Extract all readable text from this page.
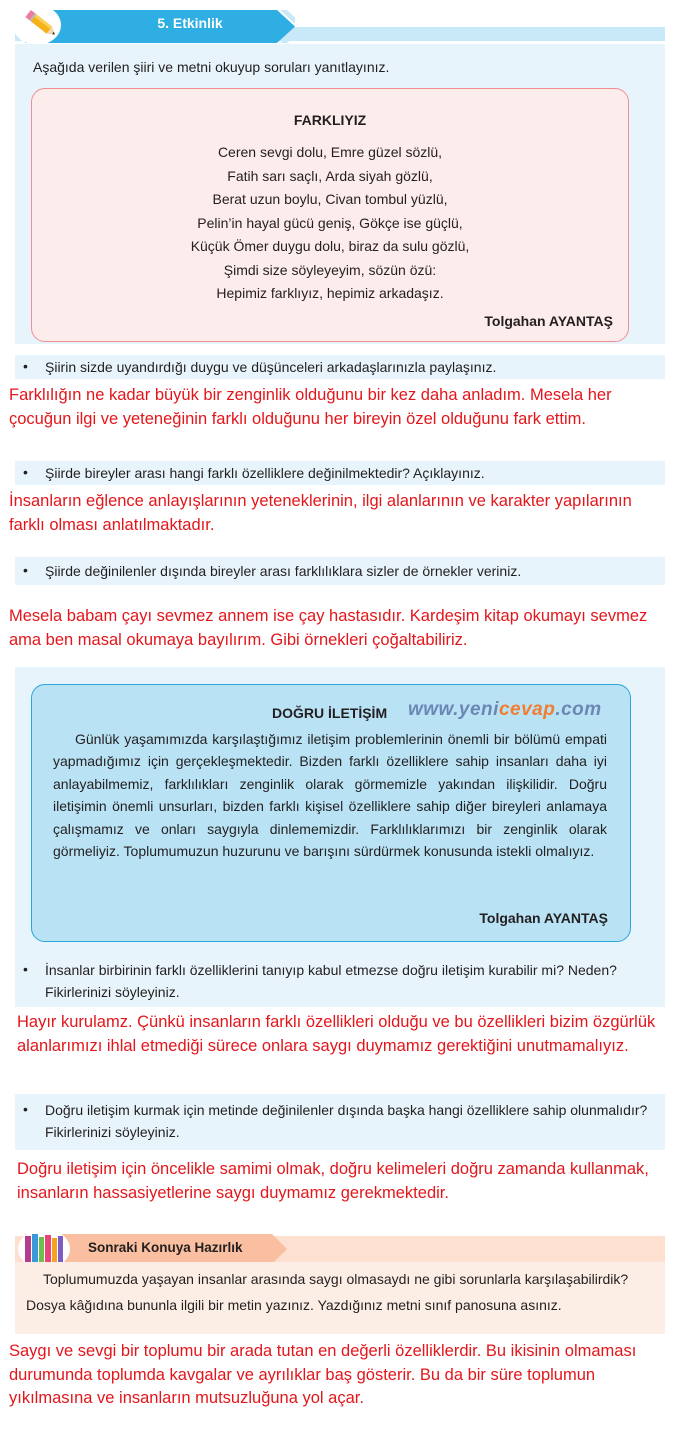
5. Etkinlik
Aşağıda verilen şiiri ve metni okuyup soruları yanıtlayınız.
FARKLIYIZ
Ceren sevgi dolu, Emre güzel sözlü,
Fatih sarı saçlı, Arda siyah gözlü,
Berat uzun boylu, Civan tombul yüzlü,
Pelin’in hayal gücü geniş, Gökçe ise güçlü,
Küçük Ömer duygu dolu, biraz da sulu gözlü,
Şimdi size söyleyeyim, sözün özü:
Hepimiz farklıyız, hepimiz arkadaşız.
Tolgahan AYANTAŞ
• Şiirin sizde uyandırdığı duygu ve düşünceleri arkadaşlarınızla paylaşınız.
Farklılığın ne kadar büyük bir zenginlik olduğunu bir kez daha anladım. Mesela her çocuğun ilgi ve yeteneğinin farklı olduğunu her bireyin özel olduğunu fark ettim.
• Şiirde bireyler arası hangi farklı özelliklere değinilmektedir? Açıklayınız.
İnsanların eğlence anlayışlarının yeteneklerinin, ilgi alanlarının ve karakter yapılarının farklı olması anlatılmaktadır.
• Şiirde değinilenler dışında bireyler arası farklılıklara sizler de örnekler veriniz.
Mesela babam çayı sevmez annem ise çay hastasıdır. Kardeşim kitap okumayı sevmez ama ben masal okumaya bayılırım. Gibi örnekleri çoğaltabiliriz.
DOĞRU İLETİŞİM www.yenicevap.com
Günlük yaşamımızda karşılaştığımız iletişim problemlerinin önemli bir bölümü empati yapmadığımız için gerçekleşmektedir. Bizden farklı özelliklere sahip insanları daha iyi anlayabilmemiz, farklılıkları zenginlik olarak görmemizle yakından ilişkilidir. Doğru iletişimin önemli unsurları, bizden farklı kişisel özelliklere sahip diğer bireyleri anlamaya çalışmamız ve onları saygıyla dinlememizdir. Farklılıklarımızı bir zenginlik olarak görmeliyiz. Toplumumuzun huzurunu ve barışını sürdürmek konusunda istekli olmalıyız.
Tolgahan AYANTAŞ
• İnsanlar birbirinin farklı özelliklerini tanıyıp kabul etmezse doğru iletişim kurabilir mi? Neden? Fikirlerinizi söyleyiniz.
Hayır kurulamz. Çünkü insanların farklı özellikleri olduğu ve bu özellikleri bizim özgürlük alanlarımızı ihlal etmediği sürece onlara saygı duymamız gerektiğini unutmamalıyız.
• Doğru iletişim kurmak için metinde değinilenler dışında başka hangi özelliklere sahip olunmalıdır? Fikirlerinizi söyleyiniz.
Doğru iletişim için öncelikle samimi olmak, doğru kelimeleri doğru zamanda kullanmak, insanların hassasiyetlerine saygı duymamız gerekmektedir.
Sonraki Konuya Hazırlık
Toplumumuzda yaşayan insanlar arasında saygı olmasaydı ne gibi sorunlarla karşılaşabilirdik? Dosya kâğıdına bununla ilgili bir metin yazınız. Yazdığınız metni sınıf panosuna asınız.
Saygı ve sevgi bir toplumu bir arada tutan en değerli özelliklerdir. Bu ikisinin olmaması durumunda toplumda kavgalar ve ayrılıklar baş gösterir. Bu da bir süre toplumun yıkılmasına ve insanların mutsuzluğuna yol açar.
